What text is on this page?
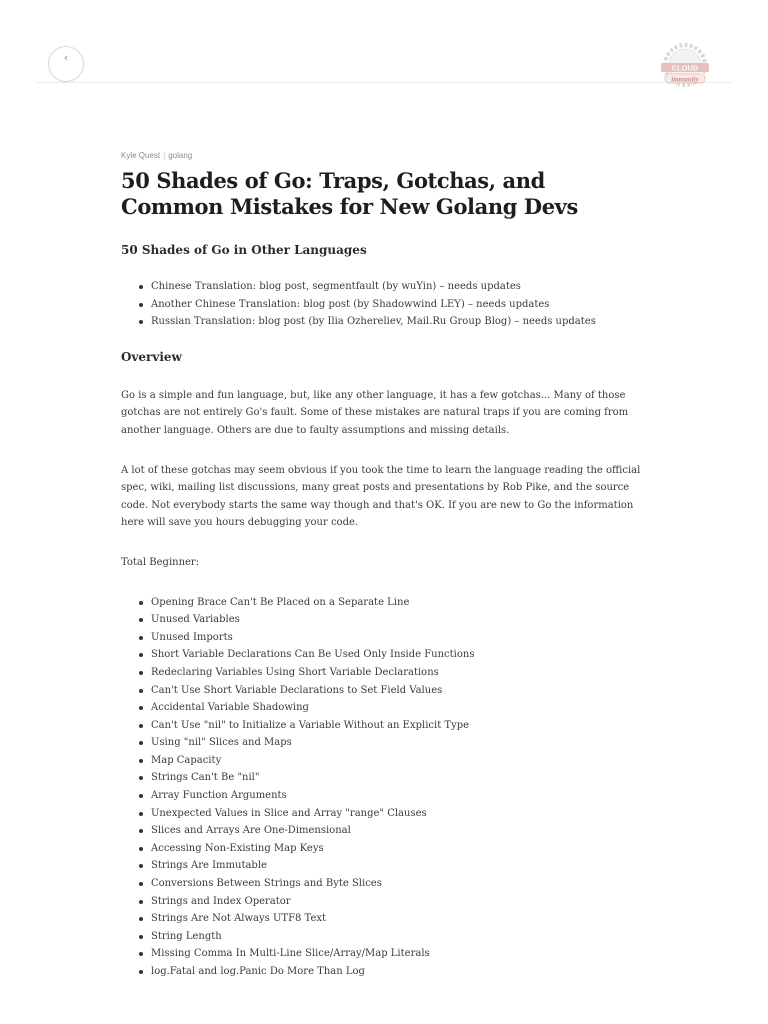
‹
CLOUD
immunity
Kyle Quest | golang
50 Shades of Go: Traps, Gotchas, and Common Mistakes for New Golang Devs
50 Shades of Go in Other Languages
Chinese Translation: blog post, segmentfault (by wuYin) – needs updates
Another Chinese Translation: blog post (by Shadowwind LEY) – needs updates
Russian Translation: blog post (by Ilia Ozhereliev, Mail.Ru Group Blog) – needs updates
Overview

Go is a simple and fun language, but, like any other language, it has a few gotchas... Many of those gotchas are not entirely Go's fault. Some of these mistakes are natural traps if you are coming from another language. Others are due to faulty assumptions and missing details.

A lot of these gotchas may seem obvious if you took the time to learn the language reading the official spec, wiki, mailing list discussions, many great posts and presentations by Rob Pike, and the source code. Not everybody starts the same way though and that's OK. If you are new to Go the information here will save you hours debugging your code.

Total Beginner:

Opening Brace Can't Be Placed on a Separate Line
Unused Variables
Unused Imports
Short Variable Declarations Can Be Used Only Inside Functions
Redeclaring Variables Using Short Variable Declarations
Can't Use Short Variable Declarations to Set Field Values
Accidental Variable Shadowing
Can't Use "nil" to Initialize a Variable Without an Explicit Type
Using "nil" Slices and Maps
Map Capacity
Strings Can't Be "nil"
Array Function Arguments
Unexpected Values in Slice and Array "range" Clauses
Slices and Arrays Are One-Dimensional
Accessing Non-Existing Map Keys
Strings Are Immutable
Conversions Between Strings and Byte Slices
Strings and Index Operator
Strings Are Not Always UTF8 Text
String Length
Missing Comma In Multi-Line Slice/Array/Map Literals
log.Fatal and log.Panic Do More Than Log
